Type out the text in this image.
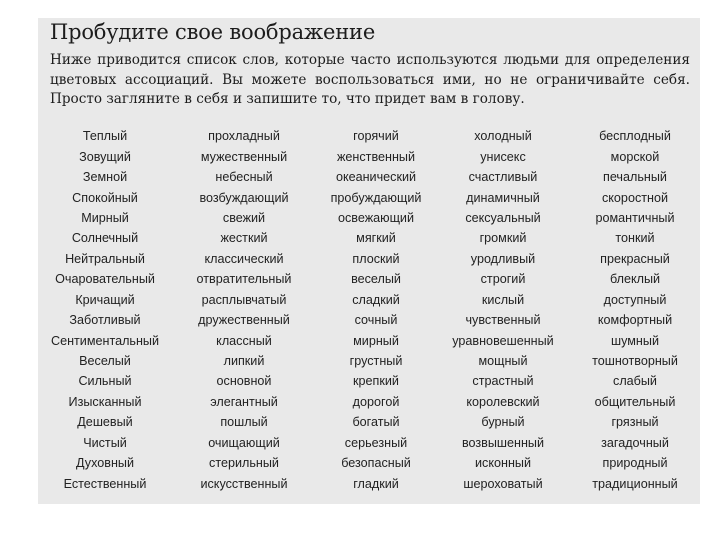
Пробудите свое воображение

Ниже приводится список слов, которые часто используются людьми для определения цветовых ассоциаций. Вы можете воспользоваться ими, но не ограничивайте себя. Просто загляните в себя и запишите то, что придет вам в голову.

Теплый	прохладный	горячий	холодный	бесплодный
Зовущий	мужественный	женственный	унисекс	морской
Земной	небесный	океанический	счастливый	печальный
Спокойный	возбуждающий	пробуждающий	динамичный	скоростной
Мирный	свежий	освежающий	сексуальный	романтичный
Солнечный	жесткий	мягкий	громкий	тонкий
Нейтральный	классический	плоский	уродливый	прекрасный
Очаровательный	отвратительный	веселый	строгий	блеклый
Кричащий	расплывчатый	сладкий	кислый	доступный
Заботливый	дружественный	сочный	чувственный	комфортный
Сентиментальный	классный	мирный	уравновешенный	шумный
Веселый	липкий	грустный	мощный	тошнотворный
Сильный	основной	крепкий	страстный	слабый
Изысканный	элегантный	дорогой	королевский	общительный
Дешевый	пошлый	богатый	бурный	грязный
Чистый	очищающий	серьезный	возвышенный	загадочный
Духовный	стерильный	безопасный	исконный	природный
Естественный	искусственный	гладкий	шероховатый	традиционный
